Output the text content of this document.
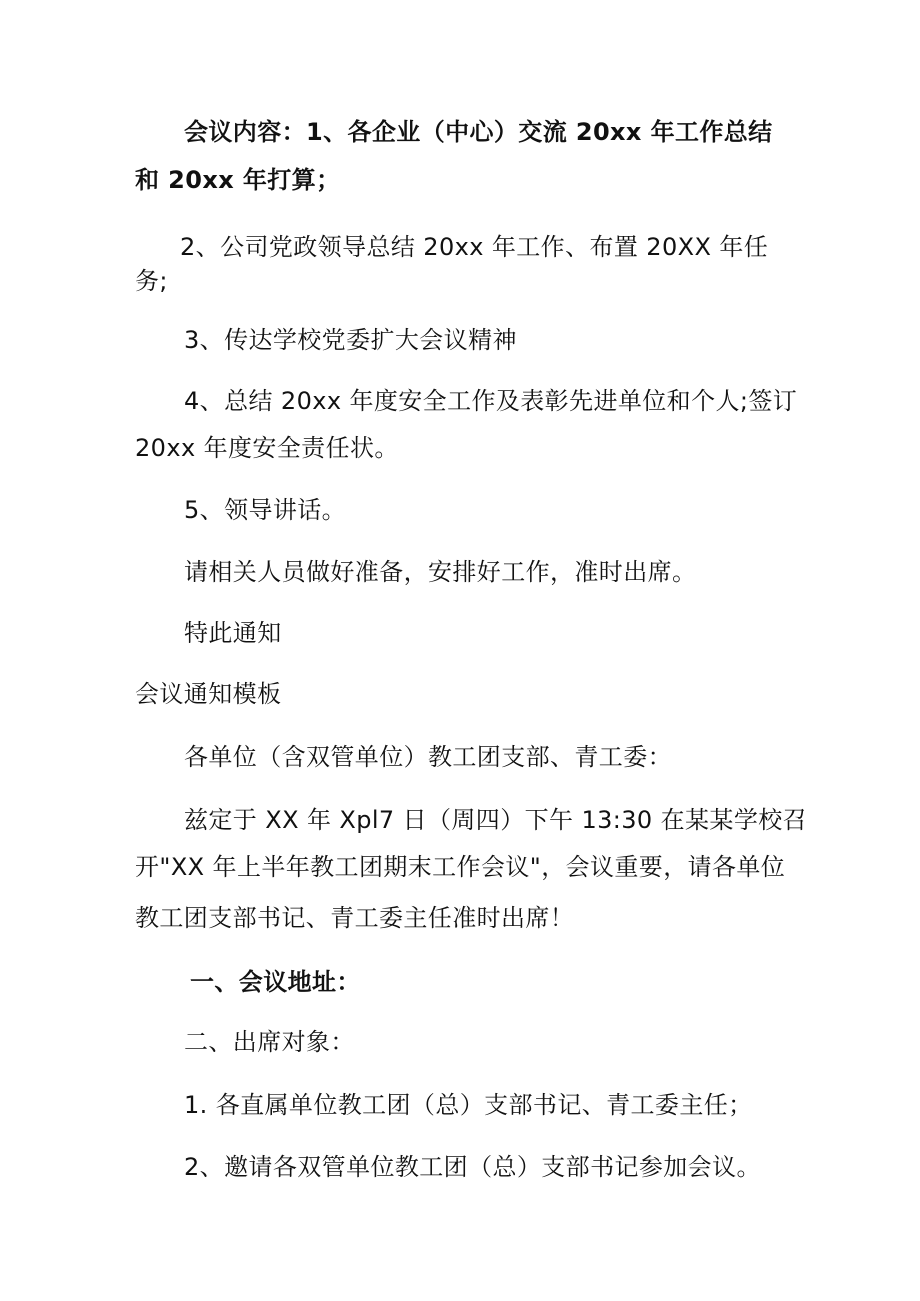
会议内容：1、各企业（中心）交流 20xx 年工作总结
和 20xx 年打算；
2、公司党政领导总结 20xx 年工作、布置 20XX 年任
务;
3、传达学校党委扩大会议精神
4、总结 20xx 年度安全工作及表彰先进单位和个人;签订
20xx 年度安全责任状。
5、领导讲话。
请相关人员做好准备，安排好工作，准时出席。
特此通知
会议通知模板
各单位（含双管单位）教工团支部、青工委：
兹定于 XX 年 Xpl7 日（周四）下午 13:30 在某某学校召
开"XX 年上半年教工团期末工作会议"，会议重要，请各单位
教工团支部书记、青工委主任准时出席！
一、会议地址：
二、出席对象：
1. 各直属单位教工团（总）支部书记、青工委主任；
2、邀请各双管单位教工团（总）支部书记参加会议。
